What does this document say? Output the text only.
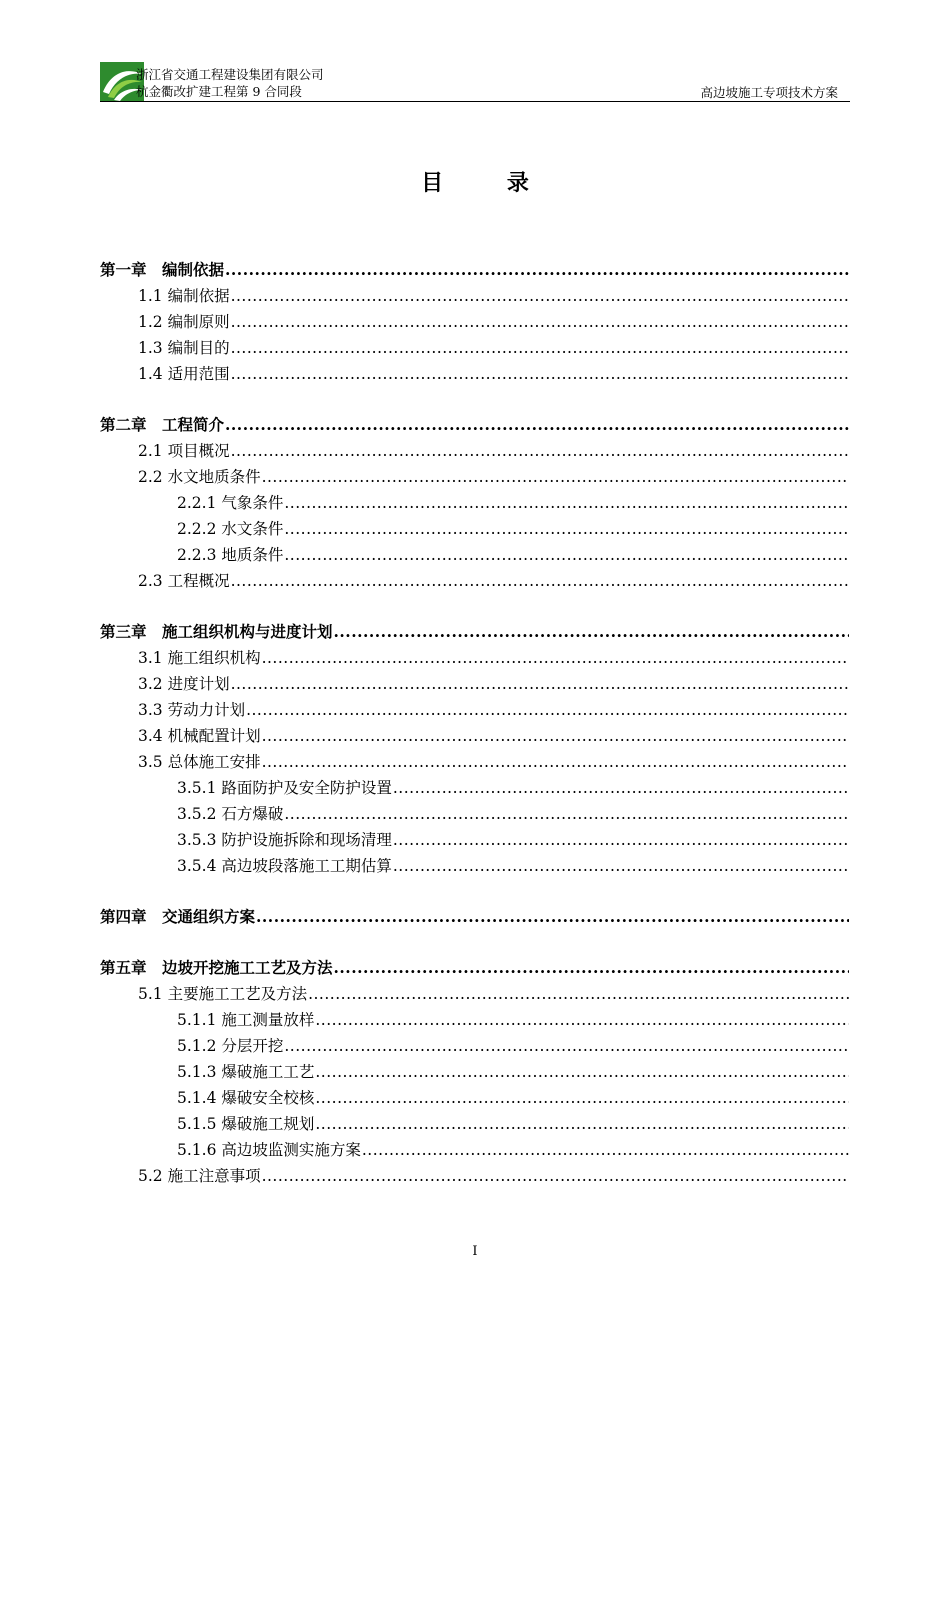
浙江省交通工程建设集团有限公司
杭金衢改扩建工程第 9 合同段	高边坡施工专项技术方案
目 录
第一章　编制依据
.....
1.1 编制依据
.....
1.2 编制原则
.....
1.3 编制目的
.....
1.4 适用范围
.....
第二章　工程简介
.....
2.1 项目概况
.....
2.2 水文地质条件
.....
2.2.1 气象条件
.....
2.2.2 水文条件
.....
2.2.3 地质条件
.....
2.3 工程概况
.....
第三章　施工组织机构与进度计划
.....
3.1 施工组织机构
.....
3.2 进度计划
.....
3.3 劳动力计划
.....
3.4 机械配置计划
.....
3.5 总体施工安排
.....
3.5.1 路面防护及安全防护设置
.....
3.5.2 石方爆破
.....
3.5.3 防护设施拆除和现场清理
.....
3.5.4 高边坡段落施工工期估算
.....
第四章　交通组织方案
.....
第五章　边坡开挖施工工艺及方法
.....
5.1 主要施工工艺及方法
.....
5.1.1 施工测量放样
.....
5.1.2 分层开挖
.....
5.1.3 爆破施工工艺
.....
5.1.4 爆破安全校核
.....
5.1.5 爆破施工规划
.....
5.1.6 高边坡监测实施方案
.....
5.2 施工注意事项
.....
I
